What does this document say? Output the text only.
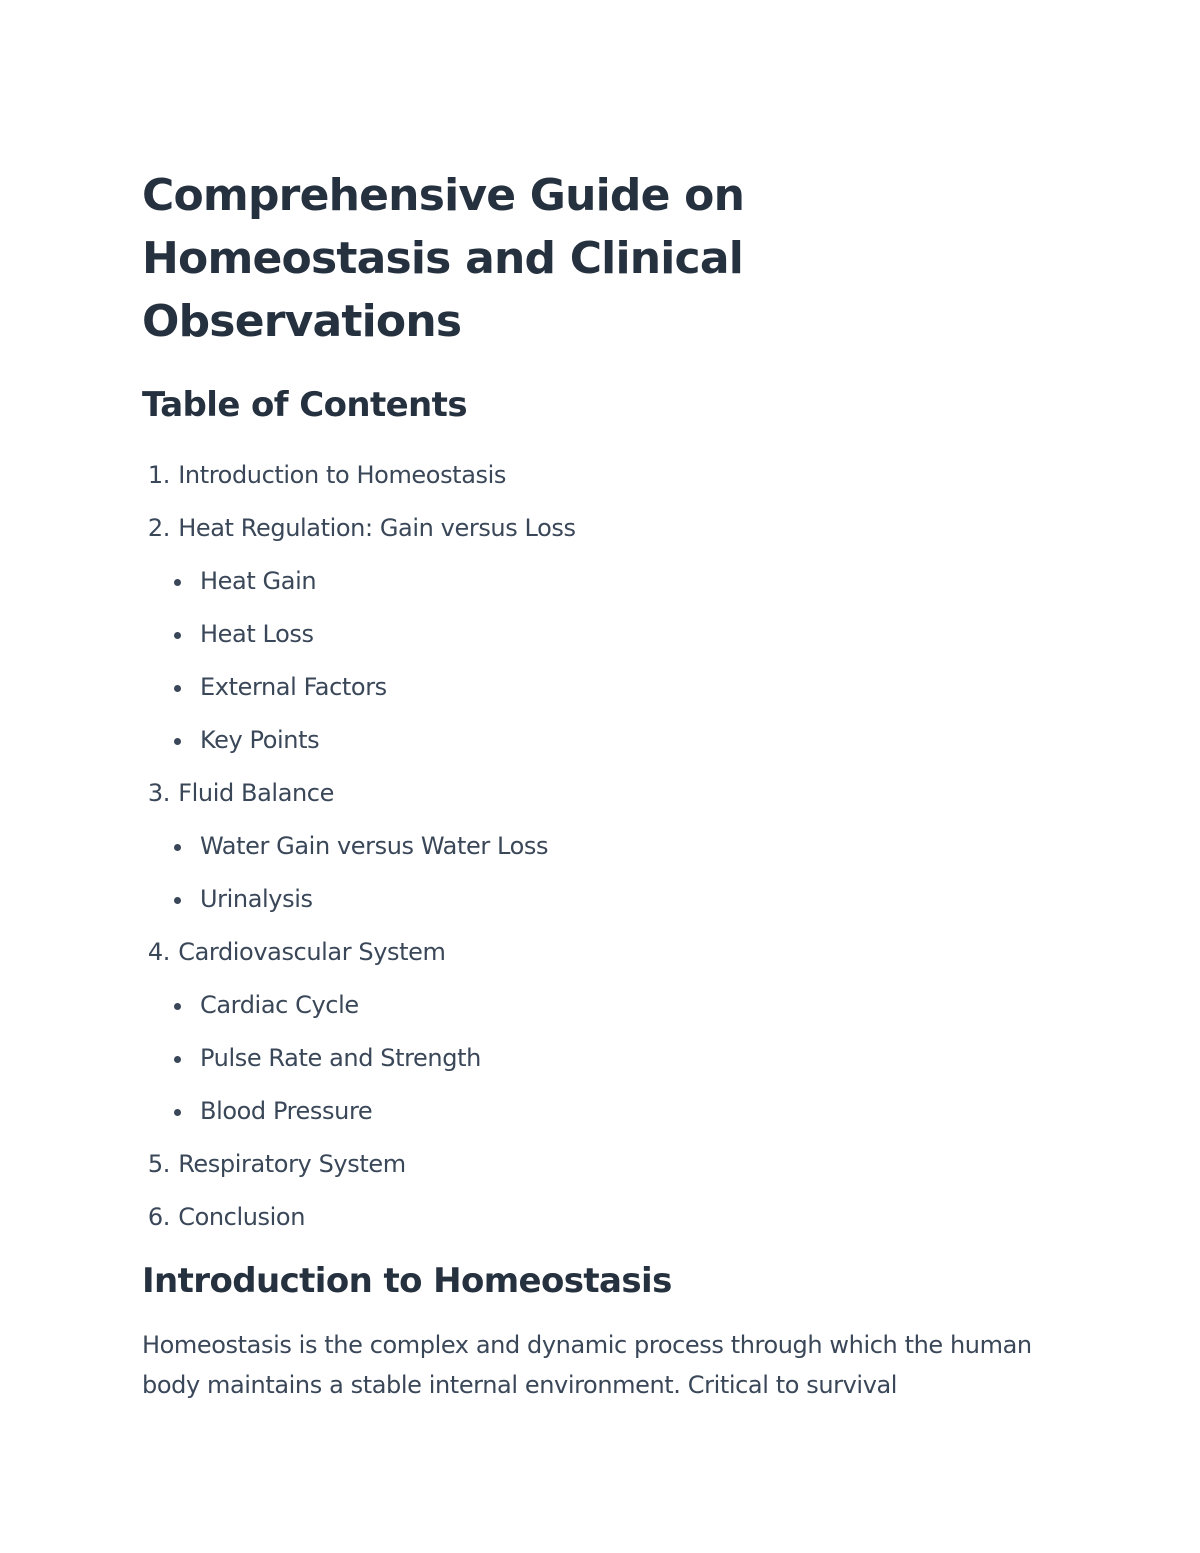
Comprehensive Guide on Homeostasis and Clinical Observations
Table of Contents
1. Introduction to Homeostasis
2. Heat Regulation: Gain versus Loss
Heat Gain
Heat Loss
External Factors
Key Points
3. Fluid Balance
Water Gain versus Water Loss
Urinalysis
4. Cardiovascular System
Cardiac Cycle
Pulse Rate and Strength
Blood Pressure
5. Respiratory System
6. Conclusion
Introduction to Homeostasis

Homeostasis is the complex and dynamic process through which the human body maintains a stable internal environment. Critical to survival
